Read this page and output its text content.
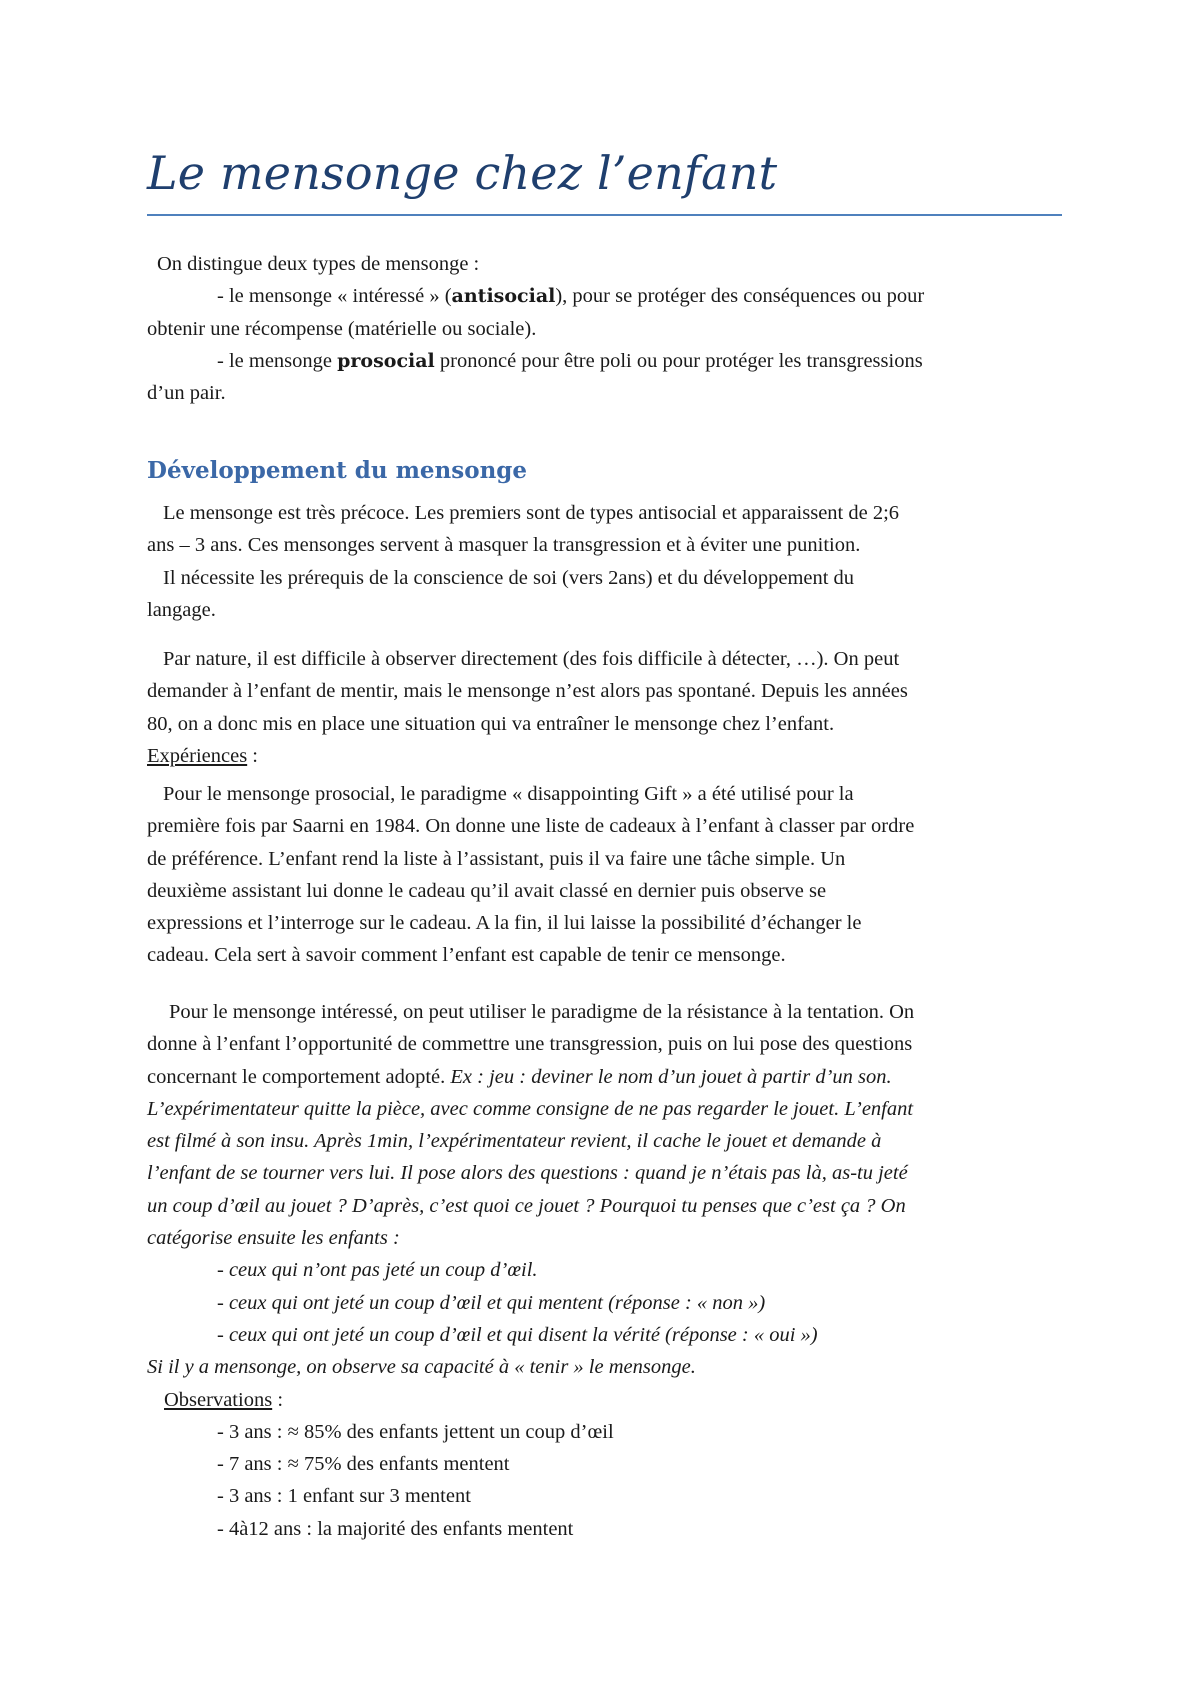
Le mensonge chez l’enfant
On distingue deux types de mensonge :
- le mensonge « intéressé » (antisocial), pour se protéger des conséquences ou pour
obtenir une récompense (matérielle ou sociale).
- le mensonge prosocial prononcé pour être poli ou pour protéger les transgressions
d’un pair.
Développement du mensonge
Le mensonge est très précoce. Les premiers sont de types antisocial et apparaissent de 2;6
ans – 3 ans. Ces mensonges servent à masquer la transgression et à éviter une punition.
Il nécessite les prérequis de la conscience de soi (vers 2ans) et du développement du
langage.
Par nature, il est difficile à observer directement (des fois difficile à détecter, …). On peut
demander à l’enfant de mentir, mais le mensonge n’est alors pas spontané. Depuis les années
80, on a donc mis en place une situation qui va entraîner le mensonge chez l’enfant.
Expériences :
Pour le mensonge prosocial, le paradigme « disappointing Gift » a été utilisé pour la
première fois par Saarni en 1984. On donne une liste de cadeaux à l’enfant à classer par ordre
de préférence. L’enfant rend la liste à l’assistant, puis il va faire une tâche simple. Un
deuxième assistant lui donne le cadeau qu’il avait classé en dernier puis observe se
expressions et l’interroge sur le cadeau. A la fin, il lui laisse la possibilité d’échanger le
cadeau. Cela sert à savoir comment l’enfant est capable de tenir ce mensonge.
Pour le mensonge intéressé, on peut utiliser le paradigme de la résistance à la tentation. On
donne à l’enfant l’opportunité de commettre une transgression, puis on lui pose des questions
concernant le comportement adopté. Ex : jeu : deviner le nom d’un jouet à partir d’un son.
L’expérimentateur quitte la pièce, avec comme consigne de ne pas regarder le jouet. L’enfant
est filmé à son insu. Après 1min, l’expérimentateur revient, il cache le jouet et demande à
l’enfant de se tourner vers lui. Il pose alors des questions : quand je n’étais pas là, as-tu jeté
un coup d’œil au jouet ? D’après, c’est quoi ce jouet ? Pourquoi tu penses que c’est ça ? On
catégorise ensuite les enfants :
- ceux qui n’ont pas jeté un coup d’œil.
- ceux qui ont jeté un coup d’œil et qui mentent (réponse : « non »)
- ceux qui ont jeté un coup d’œil et qui disent la vérité (réponse : « oui »)
Si il y a mensonge, on observe sa capacité à « tenir » le mensonge.
Observations :
- 3 ans : ≈ 85% des enfants jettent un coup d’œil
- 7 ans : ≈ 75% des enfants mentent
- 3 ans : 1 enfant sur 3 mentent
- 4à12 ans : la majorité des enfants mentent
